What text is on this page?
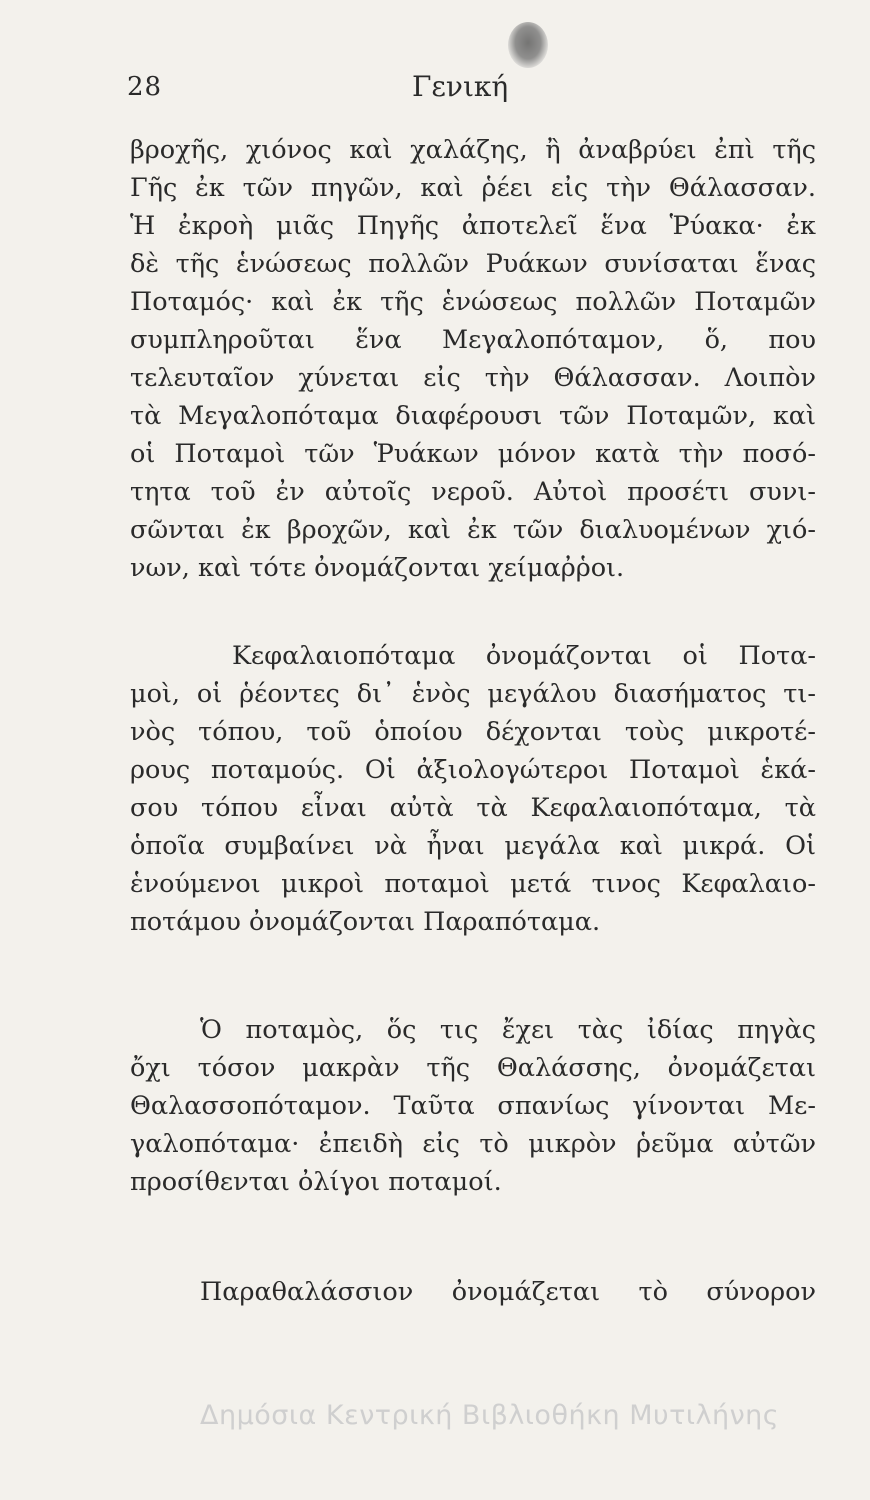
28	Γενική
βροχῆς, χιόνος καὶ χαλάζης, ἢ ἀναβρύει ἐπὶ τῆς
Γῆς ἐκ τῶν πηγῶν, καὶ ῥέει εἰς τὴν Θάλασσαν.
Ἡ ἐκροὴ μιᾶς Πηγῆς ἀποτελεῖ ἕνα Ῥύακα· ἐκ
δὲ τῆς ἑνώσεως πολλῶν Ρυάκων συνίσαται ἕνας
Ποταμός· καὶ ἐκ τῆς ἑνώσεως πολλῶν Ποταμῶν
συμπληροῦται ἕνα Μεγαλοπόταμον, ὅ, που
τελευταῖον χύνεται εἰς τὴν Θάλασσαν. Λοιπὸν
τὰ Μεγαλοπόταμα διαφέρουσι τῶν Ποταμῶν, καὶ
οἱ Ποταμοὶ τῶν Ῥυάκων μόνον κατὰ τὴν ποσό-
τητα τοῦ ἐν αὐτοῖς νεροῦ. Αὐτοὶ προσέτι συνι-
σῶνται ἐκ βροχῶν, καὶ ἐκ τῶν διαλυομένων χιό-
νων, καὶ τότε ὀνομάζονται χείμαῤῥοι.
Κεφαλαιοπόταμα ὀνομάζονται οἱ Ποτα-
μοὶ, οἱ ῥέοντες δι᾽ ἑνὸς μεγάλου διασήματος τι-
νὸς τόπου, τοῦ ὁποίου δέχονται τοὺς μικροτέ-
ρους ποταμούς. Οἱ ἀξιολογώτεροι Ποταμοὶ ἑκά-
σου τόπου εἶναι αὐτὰ τὰ Κεφαλαιοπόταμα, τὰ
ὁποῖα συμβαίνει νὰ ἦναι μεγάλα καὶ μικρά. Οἱ
ἑνούμενοι μικροὶ ποταμοὶ μετά τινος Κεφαλαιο-
ποτάμου ὀνομάζονται Παραπόταμα.
Ὁ ποταμὸς, ὅς τις ἔχει τὰς ἰδίας πηγὰς
ὄχι τόσον μακρὰν τῆς Θαλάσσης, ὀνομάζεται
Θαλασσοπόταμον. Ταῦτα σπανίως γίνονται Με-
γαλοπόταμα· ἐπειδὴ εἰς τὸ μικρὸν ῥεῦμα αὐτῶν
προσίθενται ὀλίγοι ποταμοί.
Παραθαλάσσιον ὀνομάζεται τὸ σύνορον
Δημόσια Κεντρική Βιβλιοθήκη Μυτιλήνης
